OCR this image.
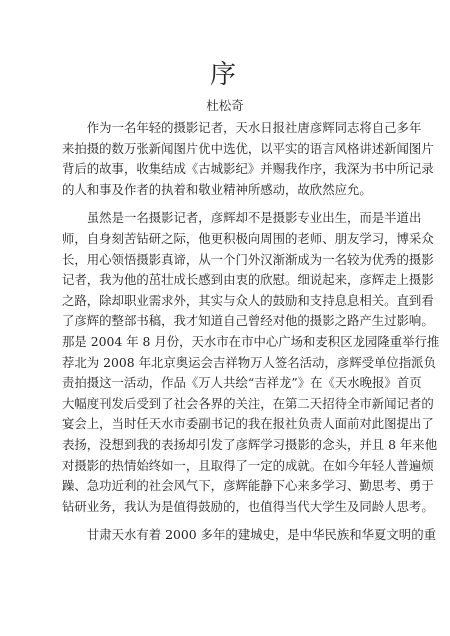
序
杜松奇

作为一名年轻的摄影记者，天水日报社唐彦辉同志将自己多年
来拍摄的数万张新闻图片优中选优，以平实的语言风格讲述新闻图片
背后的故事，收集结成《古城影纪》并赐我作序，我深为书中所记录
的人和事及作者的执着和敬业精神所感动，故欣然应允。

虽然是一名摄影记者，彦辉却不是摄影专业出生，而是半道出
师，自身刻苦钻研之际，他更积极向周围的老师、朋友学习，博采众
长，用心领悟摄影真谛，从一个门外汉渐渐成为一名较为优秀的摄影
记者，我为他的茁壮成长感到由衷的欣慰。细说起来，彦辉走上摄影
之路，除却职业需求外，其实与众人的鼓励和支持息息相关。直到看
了彦辉的整部书稿，我才知道自己曾经对他的摄影之路产生过影响。
那是 2004 年 8 月份，天水市在市中心广场和麦积区龙园隆重举行推
荐北为 2008 年北京奥运会吉祥物万人签名活动，彦辉受单位指派负
责拍摄这一活动，作品《万人共绘“吉祥龙”》在《天水晚报》首页
大幅度刊发后受到了社会各界的关注，在第二天招待全市新闻记者的
宴会上，当时任天水市委副书记的我在报社负责人面前对此图提出了
表扬，没想到我的表扬却引发了彦辉学习摄影的念头，并且 8 年来他
对摄影的热情始终如一，且取得了一定的成就。在如今年轻人普遍烦
躁、急功近利的社会风气下，彦辉能静下心来多学习、勤思考、勇于
钻研业务，我认为是值得鼓励的，也值得当代大学生及同龄人思考。

甘肃天水有着 2000 多年的建城史，是中华民族和华夏文明的重
